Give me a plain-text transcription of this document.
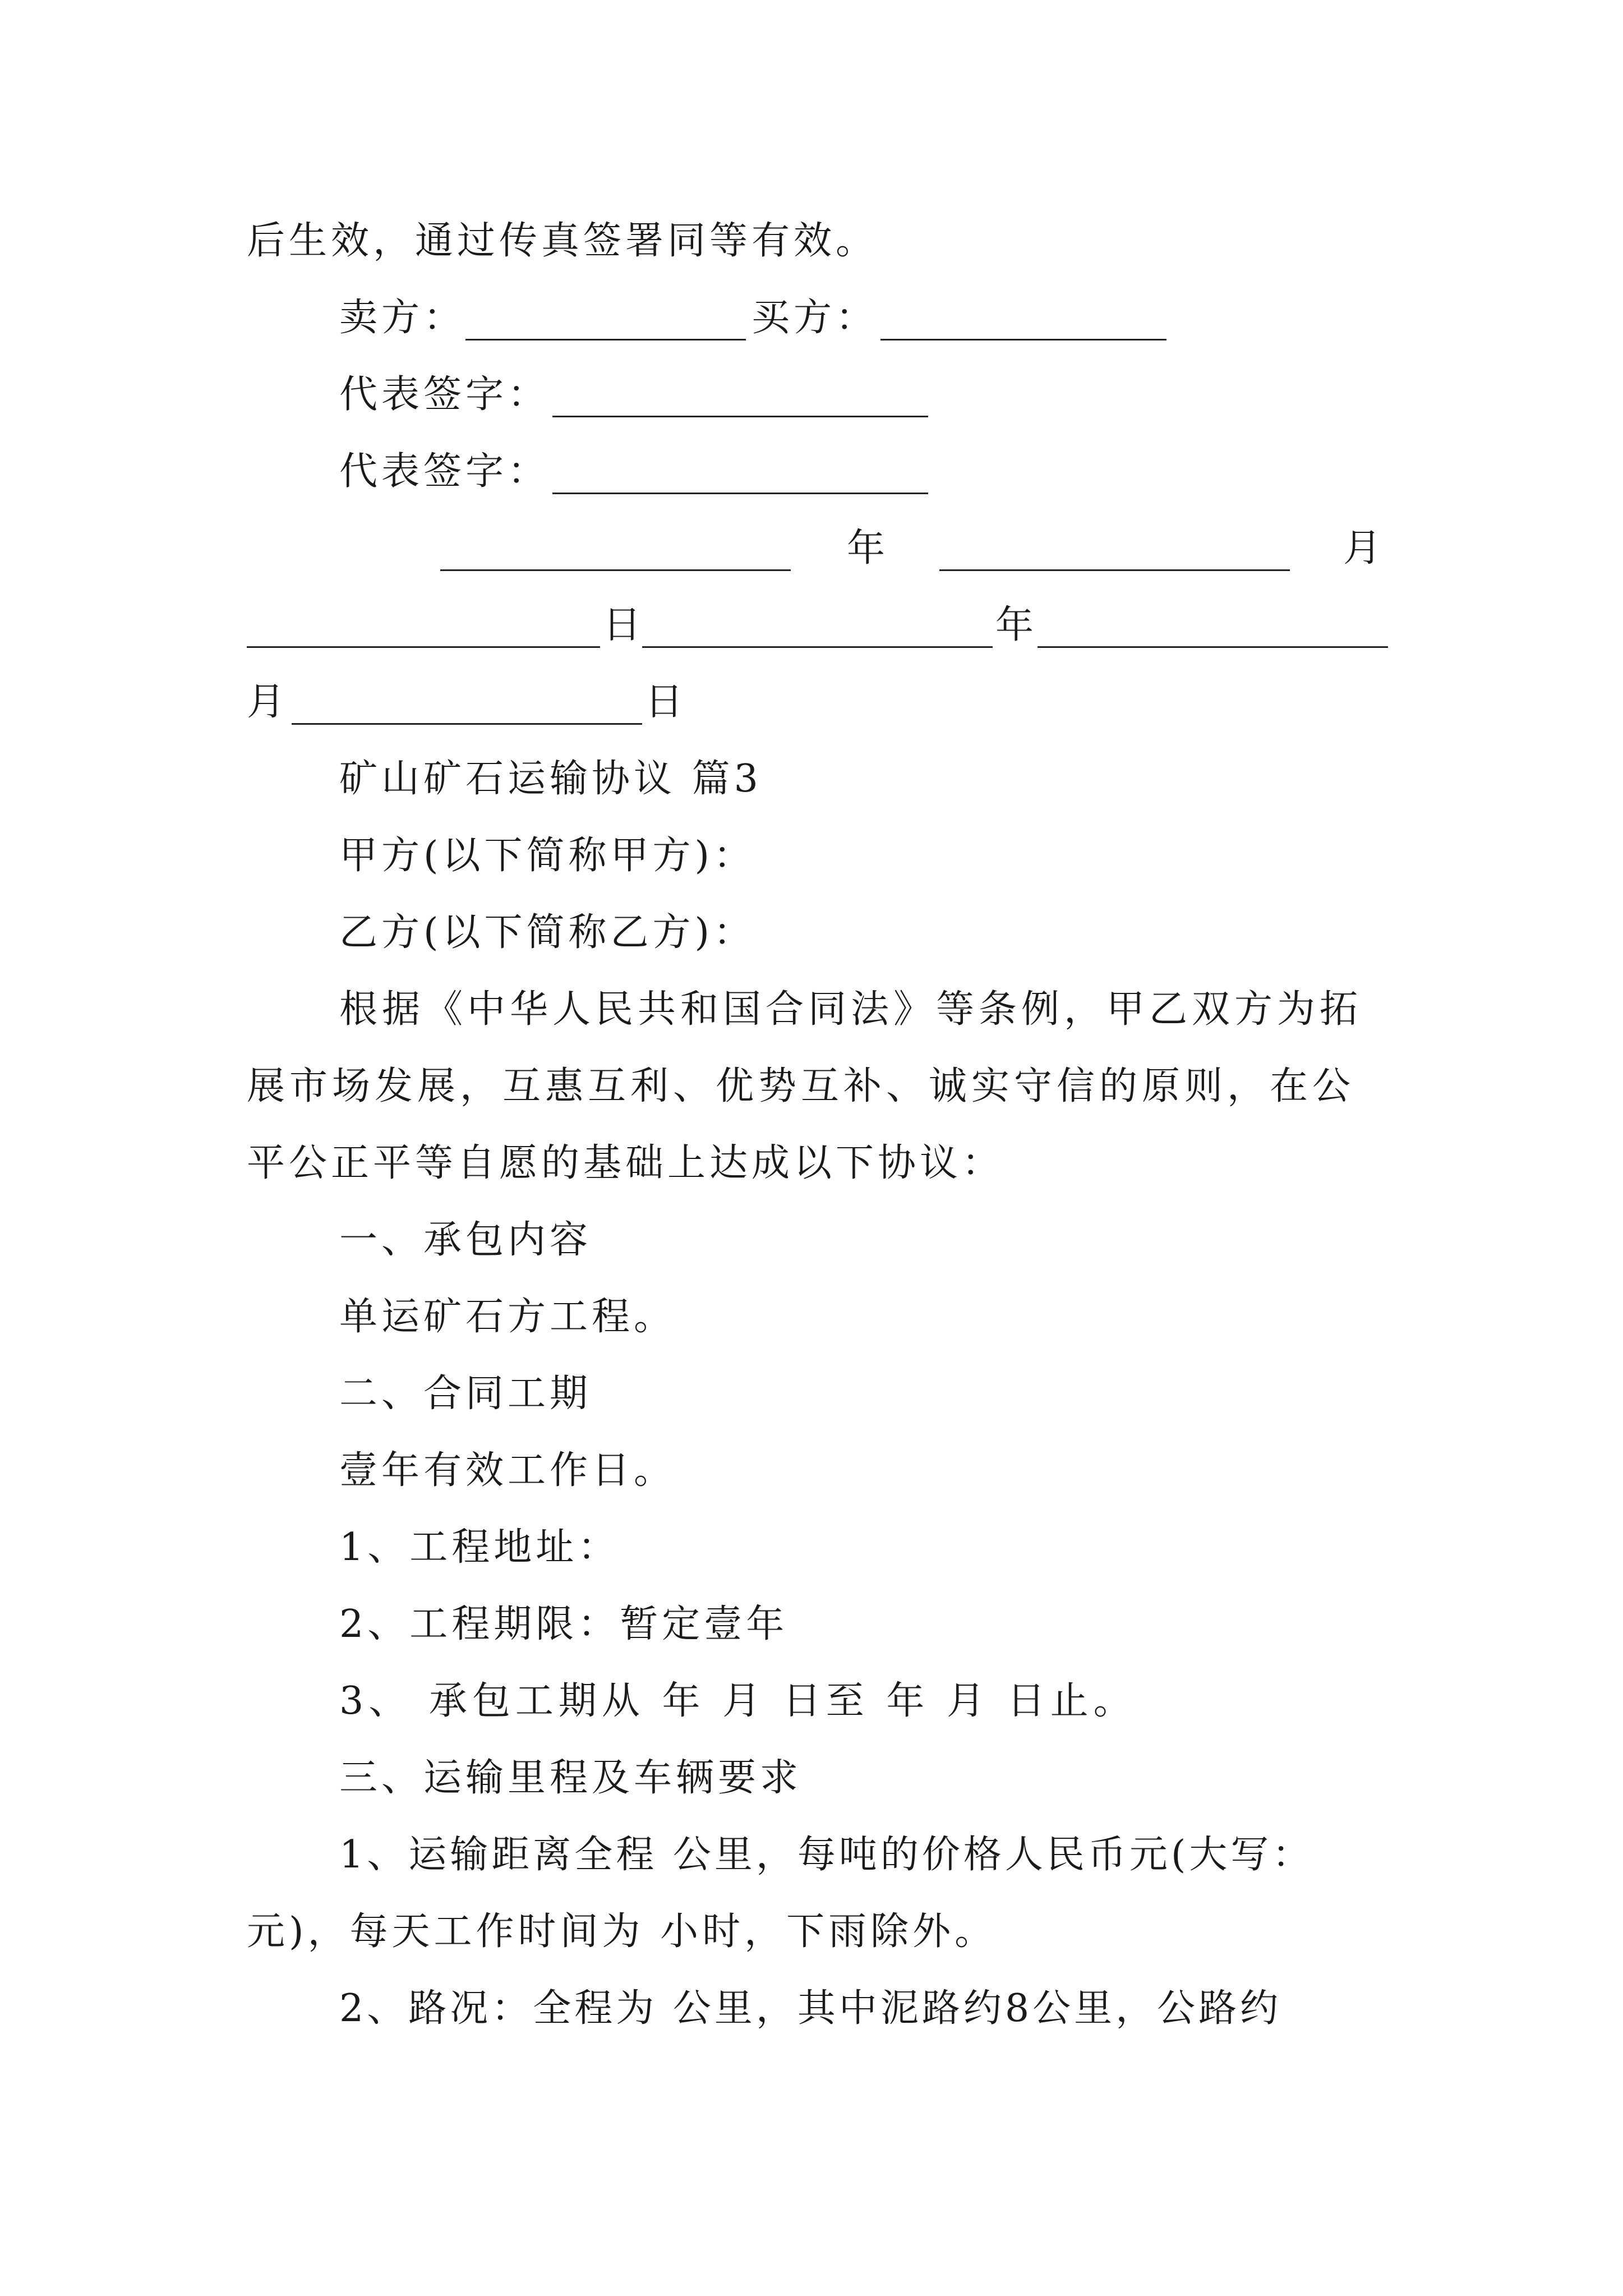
后生效，通过传真签署同等有效。
卖方：	买方：
代表签字：
代表签字：
年	月
日	年
月	日
矿山矿石运输协议 篇3
甲方(以下简称甲方)：
乙方(以下简称乙方)：
根据《中华人民共和国合同法》等条例，甲乙双方为拓
展市场发展，互惠互利、优势互补、诚实守信的原则，在公
平公正平等自愿的基础上达成以下协议：
一、承包内容
单运矿石方工程。
二、合同工期
壹年有效工作日。
1、工程地址：
2、工程期限：暂定壹年
3、 承包工期从 年 月 日至 年 月 日止。
三、运输里程及车辆要求
1、运输距离全程 公里，每吨的价格人民币元(大写：
元)，每天工作时间为 小时，下雨除外。
2、路况：全程为 公里，其中泥路约8公里，公路约
